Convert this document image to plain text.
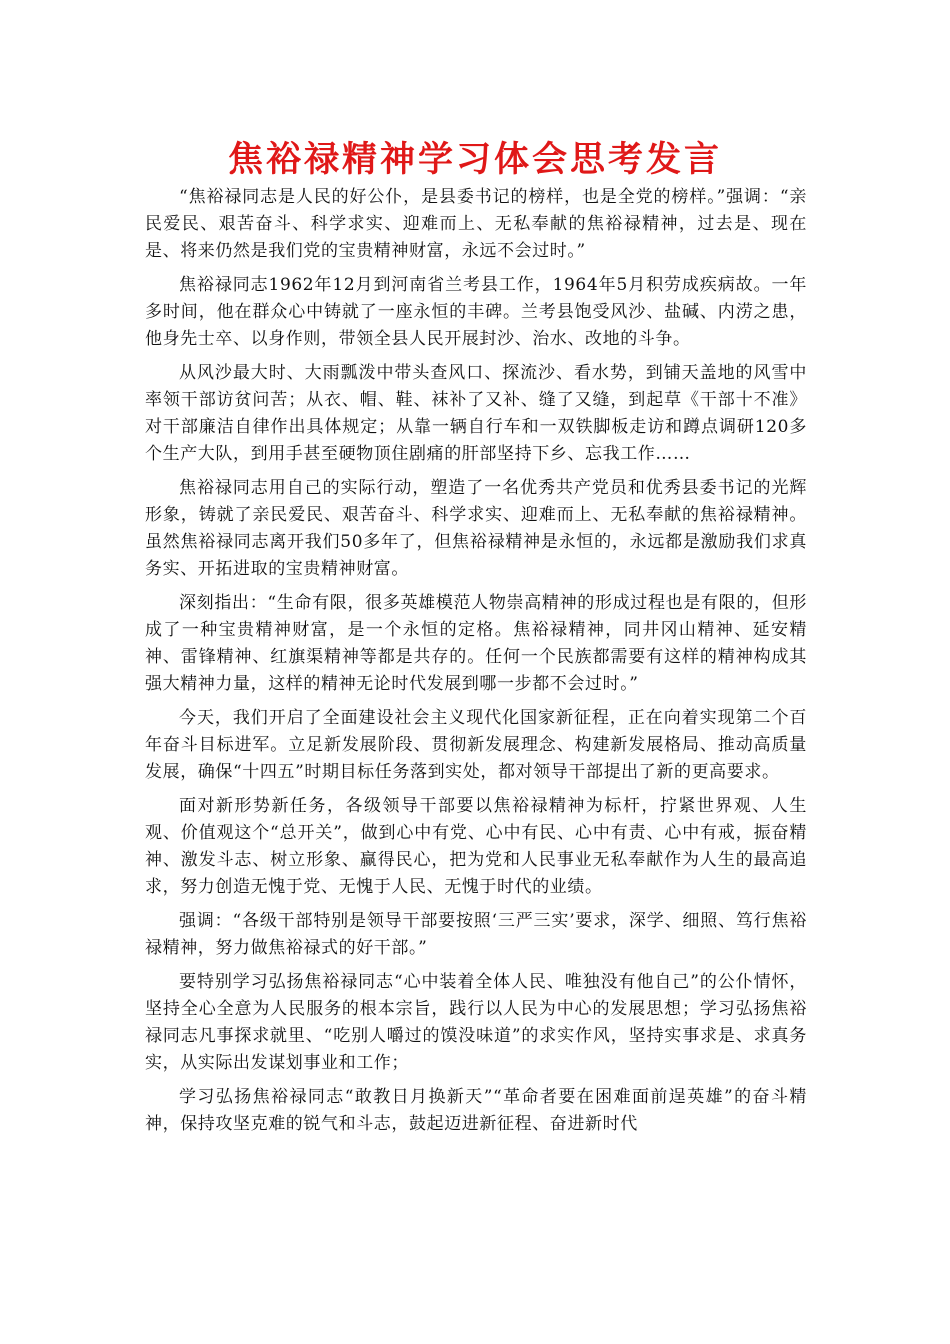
焦裕禄精神学习体会思考发言

“焦裕禄同志是人民的好公仆，是县委书记的榜样，也是全党的榜样。”强调：“亲民爱民、艰苦奋斗、科学求实、迎难而上、无私奉献的焦裕禄精神，过去是、现在是、将来仍然是我们党的宝贵精神财富，永远不会过时。”

焦裕禄同志1962年12月到河南省兰考县工作，1964年5月积劳成疾病故。一年多时间，他在群众心中铸就了一座永恒的丰碑。兰考县饱受风沙、盐碱、内涝之患，他身先士卒、以身作则，带领全县人民开展封沙、治水、改地的斗争。

从风沙最大时、大雨瓢泼中带头查风口、探流沙、看水势，到铺天盖地的风雪中率领干部访贫问苦；从衣、帽、鞋、袜补了又补、缝了又缝，到起草《干部十不准》对干部廉洁自律作出具体规定；从靠一辆自行车和一双铁脚板走访和蹲点调研120多个生产大队，到用手甚至硬物顶住剧痛的肝部坚持下乡、忘我工作……

焦裕禄同志用自己的实际行动，塑造了一名优秀共产党员和优秀县委书记的光辉形象，铸就了亲民爱民、艰苦奋斗、科学求实、迎难而上、无私奉献的焦裕禄精神。虽然焦裕禄同志离开我们50多年了，但焦裕禄精神是永恒的，永远都是激励我们求真务实、开拓进取的宝贵精神财富。

深刻指出：“生命有限，很多英雄模范人物崇高精神的形成过程也是有限的，但形成了一种宝贵精神财富，是一个永恒的定格。焦裕禄精神，同井冈山精神、延安精神、雷锋精神、红旗渠精神等都是共存的。任何一个民族都需要有这样的精神构成其强大精神力量，这样的精神无论时代发展到哪一步都不会过时。”

今天，我们开启了全面建设社会主义现代化国家新征程，正在向着实现第二个百年奋斗目标进军。立足新发展阶段、贯彻新发展理念、构建新发展格局、推动高质量发展，确保“十四五”时期目标任务落到实处，都对领导干部提出了新的更高要求。

面对新形势新任务，各级领导干部要以焦裕禄精神为标杆，拧紧世界观、人生观、价值观这个“总开关”，做到心中有党、心中有民、心中有责、心中有戒，振奋精神、激发斗志、树立形象、赢得民心，把为党和人民事业无私奉献作为人生的最高追求，努力创造无愧于党、无愧于人民、无愧于时代的业绩。

强调：“各级干部特别是领导干部要按照‘三严三实’要求，深学、细照、笃行焦裕禄精神，努力做焦裕禄式的好干部。”

要特别学习弘扬焦裕禄同志“心中装着全体人民、唯独没有他自己”的公仆情怀，坚持全心全意为人民服务的根本宗旨，践行以人民为中心的发展思想；学习弘扬焦裕禄同志凡事探求就里、“吃别人嚼过的馍没味道”的求实作风，坚持实事求是、求真务实，从实际出发谋划事业和工作；

学习弘扬焦裕禄同志“敢教日月换新天”“革命者要在困难面前逞英雄”的奋斗精神，保持攻坚克难的锐气和斗志，鼓起迈进新征程、奋进新时代
